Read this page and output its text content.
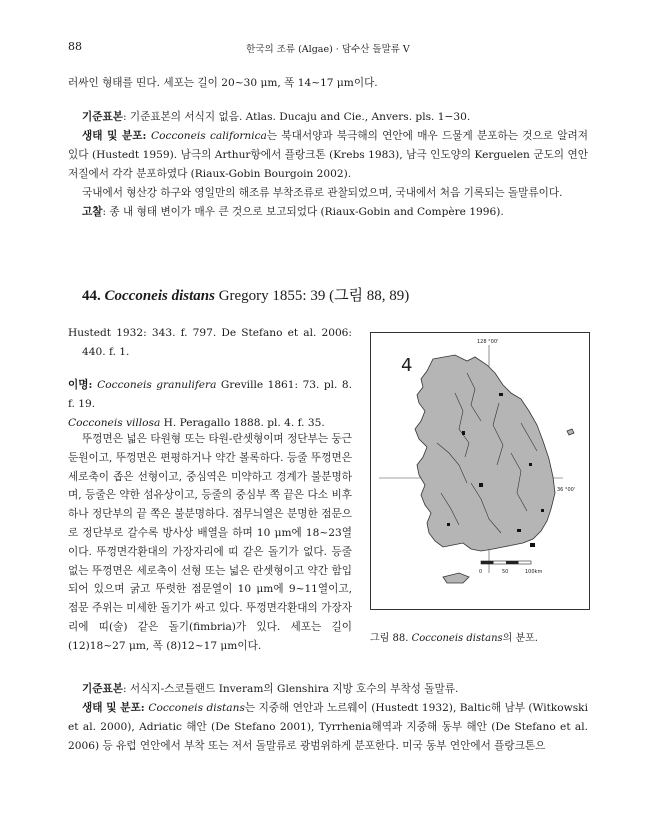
88	한국의 조류 (Algae) · 담수산 돌말류 V

러싸인 형태를 띤다. 세포는 길이 20~30 μm, 폭 14~17 μm이다.

기준표본: 기준표본의 서식지 없음. Atlas. Ducaju and Cie., Anvers. pls. 1−30.

생태 및 분포: Cocconeis californica는 북대서양과 북극해의 연안에 매우 드물게 분포하는 것으로 알려져 있다 (Hustedt 1959). 남극의 Arthur항에서 플랑크톤 (Krebs 1983), 남극 인도양의 Kerguelen 군도의 연안 저질에서 각각 분포하였다 (Riaux-Gobin Bourgoin 2002).

국내에서 형산강 하구와 영일만의 해조류 부착조류로 관찰되었으며, 국내에서 처음 기록되는 돌말류이다.

고찰: 종 내 형태 변이가 매우 큰 것으로 보고되었다 (Riaux-Gobin and Compère 1996).

44. Cocconeis distans Gregory 1855: 39 (그림 88, 89)

Hustedt 1932: 343. f. 797. De Stefano et al. 2006: 440. f. 1.

이명: Cocconeis granulifera Greville 1861: 73. pl. 8. f. 19.

Cocconeis villosa H. Peragallo 1888. pl. 4. f. 35.

뚜껑면은 넓은 타원형 또는 타원-란셋형이며 정단부는 둥근 둔원이고, 뚜껑면은 편평하거나 약간 볼록하다. 등줄 뚜껑면은 세로축이 좁은 선형이고, 중심역은 미약하고 경계가 불분명하며, 등줄은 약한 섬유상이고, 등줄의 중심부 쪽 끝은 다소 비후하나 정단부의 끝 쪽은 불분명하다. 점무늬열은 분명한 점문으로 정단부로 갈수록 방사상 배열을 하며 10 μm에 18~23열이다. 뚜껑면각환대의 가장자리에 띠 같은 돌기가 없다. 등줄 없는 뚜껑면은 세로축이 선형 또는 넓은 란셋형이고 약간 함입되어 있으며 굵고 뚜렷한 점문열이 10 μm에 9~11열이고, 점문 주위는 미세한 돌기가 싸고 있다. 뚜껑면각환대의 가장자리에 띠(술) 같은 돌기(fimbria)가 있다. 세포는 길이 (12)18~27 μm, 폭 (8)12~17 μm이다.

4
128 °00'
36 °00'
0	50	100km
그림 88. Cocconeis distans의 분포.

기준표본: 서식지-스코틀랜드 Inveram의 Glenshira 지방 호수의 부착성 돌말류.

생태 및 분포: Cocconeis distans는 지중해 연안과 노르웨이 (Hustedt 1932), Baltic해 남부 (Witkowski et al. 2000), Adriatic 해안 (De Stefano 2001), Tyrrhenia해역과 지중해 동부 해안 (De Stefano et al. 2006) 등 유럽 연안에서 부착 또는 저서 돌말류로 광범위하게 분포한다. 미국 동부 연안에서 플랑크톤으
